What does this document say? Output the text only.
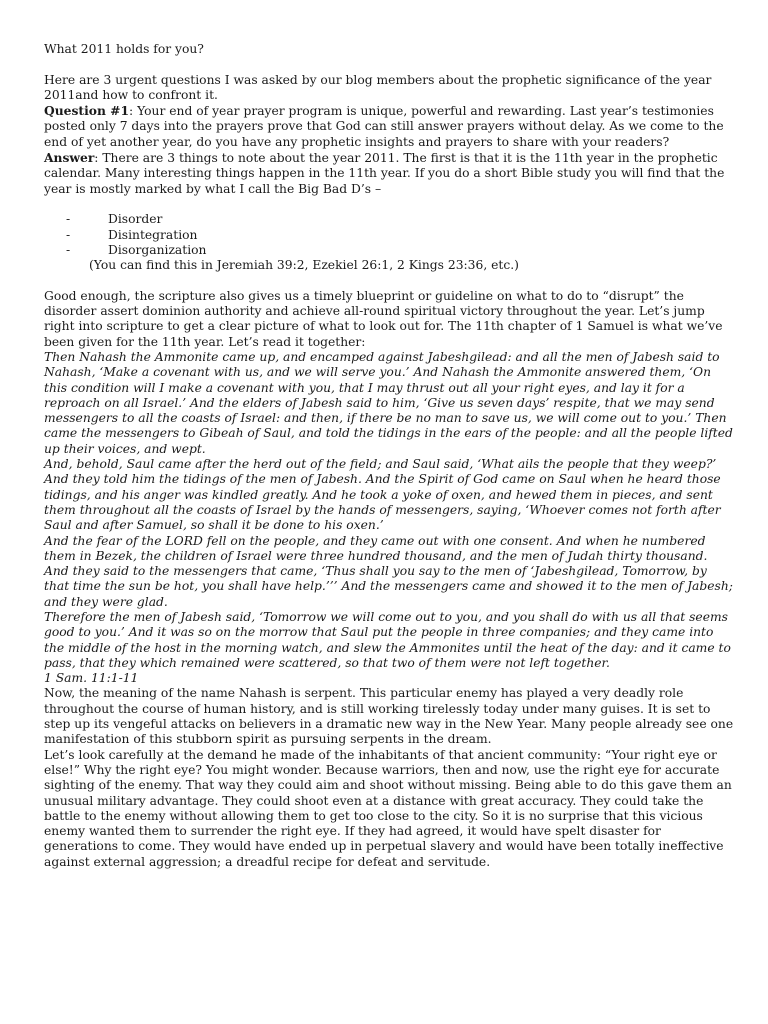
What 2011 holds for you?

Here are 3 urgent questions I was asked by our blog members about the prophetic significance of the year 2011and how to confront it.

Question #1: Your end of year prayer program is unique, powerful and rewarding. Last year’s testimonies posted only 7 days into the prayers prove that God can still answer prayers without delay. As we come to the end of yet another year, do you have any prophetic insights and prayers to share with your readers?

Answer: There are 3 things to note about the year 2011. The first is that it is the 11th year in the prophetic calendar. Many interesting things happen in the 11th year. If you do a short Bible study you will find that the year is mostly marked by what I call the Big Bad D’s –

-	Disorder
-	Disintegration
-	Disorganization

(You can find this in Jeremiah 39:2, Ezekiel 26:1, 2 Kings 23:36, etc.)

Good enough, the scripture also gives us a timely blueprint or guideline on what to do to “disrupt” the disorder assert dominion authority and achieve all-round spiritual victory throughout the year. Let’s jump right into scripture to get a clear picture of what to look out for. The 11th chapter of 1 Samuel is what we’ve been given for the 11th year. Let’s read it together:

Then Nahash the Ammonite came up, and encamped against Jabeshgilead: and all the men of Jabesh said to Nahash, ‘Make a covenant with us, and we will serve you.’ And Nahash the Ammonite answered them, ‘On this condition will I make a covenant with you, that I may thrust out all your right eyes, and lay it for a reproach on all Israel.’ And the elders of Jabesh said to him, ‘Give us seven days’ respite, that we may send messengers to all the coasts of Israel: and then, if there be no man to save us, we will come out to you.’ Then came the messengers to Gibeah of Saul, and told the tidings in the ears of the people: and all the people lifted up their voices, and wept.

And, behold, Saul came after the herd out of the field; and Saul said, ‘What ails the people that they weep?’ And they told him the tidings of the men of Jabesh. And the Spirit of God came on Saul when he heard those tidings, and his anger was kindled greatly. And he took a yoke of oxen, and hewed them in pieces, and sent them throughout all the coasts of Israel by the hands of messengers, saying, ‘Whoever comes not forth after Saul and after Samuel, so shall it be done to his oxen.’

And the fear of the LORD fell on the people, and they came out with one consent. And when he numbered them in Bezek, the children of Israel were three hundred thousand, and the men of Judah thirty thousand. And they said to the messengers that came, ‘Thus shall you say to the men of ‘Jabeshgilead, Tomorrow, by that time the sun be hot, you shall have help.’’’ And the messengers came and showed it to the men of Jabesh; and they were glad.

Therefore the men of Jabesh said, ‘Tomorrow we will come out to you, and you shall do with us all that seems good to you.’ And it was so on the morrow that Saul put the people in three companies; and they came into the middle of the host in the morning watch, and slew the Ammonites until the heat of the day: and it came to pass, that they which remained were scattered, so that two of them were not left together.

1 Sam. 11:1-11

Now, the meaning of the name Nahash is serpent. This particular enemy has played a very deadly role throughout the course of human history, and is still working tirelessly today under many guises. It is set to step up its vengeful attacks on believers in a dramatic new way in the New Year. Many people already see one manifestation of this stubborn spirit as pursuing serpents in the dream.

Let’s look carefully at the demand he made of the inhabitants of that ancient community: “Your right eye or else!” Why the right eye? You might wonder. Because warriors, then and now, use the right eye for accurate sighting of the enemy. That way they could aim and shoot without missing. Being able to do this gave them an unusual military advantage. They could shoot even at a distance with great accuracy. They could take the battle to the enemy without allowing them to get too close to the city. So it is no surprise that this vicious enemy wanted them to surrender the right eye. If they had agreed, it would have spelt disaster for generations to come. They would have ended up in perpetual slavery and would have been totally ineffective against external aggression; a dreadful recipe for defeat and servitude.
